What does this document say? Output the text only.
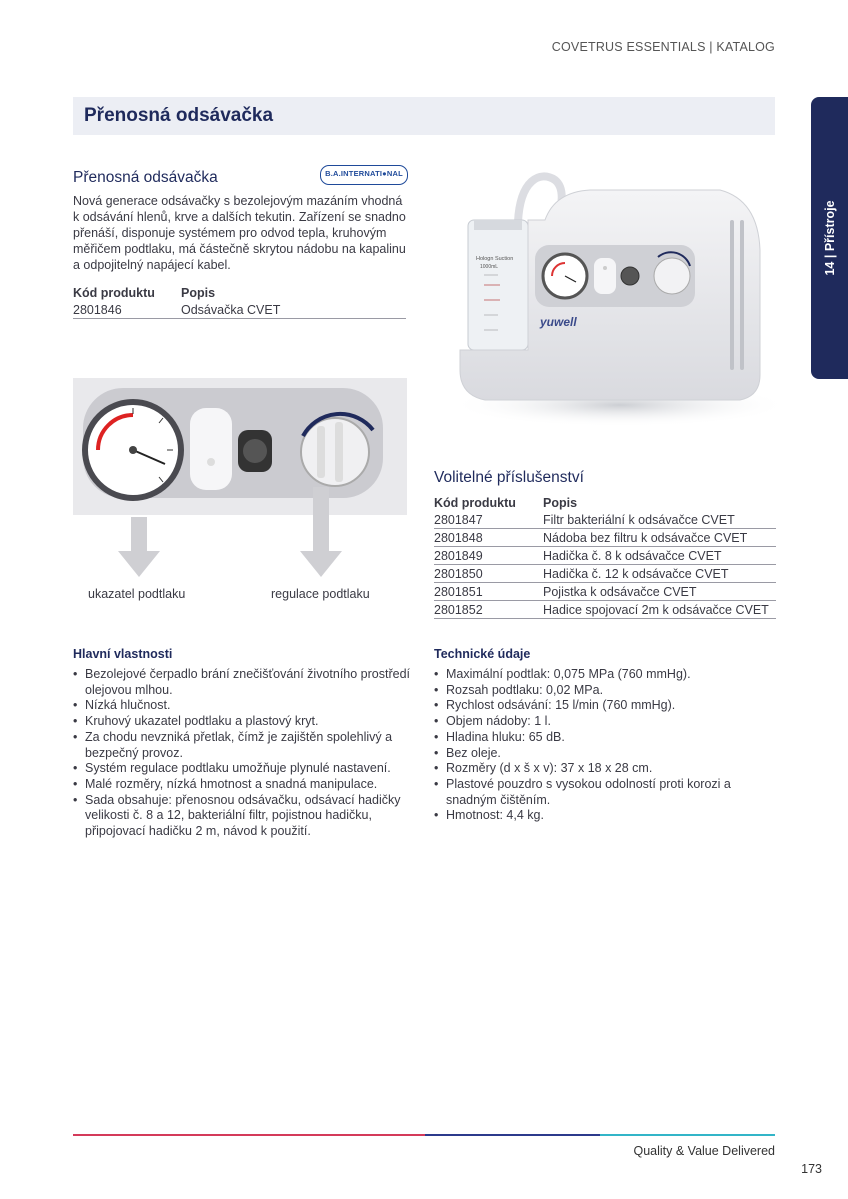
COVETRUS ESSENTIALS | KATALOG
Přenosná odsávačka
14 | Přístroje
Přenosná odsávačka	B.A.INTERNATI●NAL
Nová generace odsávačky s bezolejovým mazáním vhodná k odsávání hlenů, krve a dalších tekutin. Zařízení se snadno přenáší, disponuje systémem pro odvod tepla, kruhovým měřičem podtlaku, má částečně skrytou nádobu na kapalinu a odpojitelný napájecí kabel.
Kód produktu	Popis
2801846	Odsávačka CVET
Hologn Suction
1000mL
yuwell
ukazatel podtlaku	regulace podtlaku
Volitelné příslušenství
Kód produktu	Popis
2801847	Filtr bakteriální k odsávačce CVET
2801848	Nádoba bez filtru k odsávačce CVET
2801849	Hadička č. 8 k odsávačce CVET
2801850	Hadička č. 12 k odsávačce CVET
2801851	Pojistka k odsávačce CVET
2801852	Hadice spojovací 2m k odsávačce CVET
Hlavní vlastnosti
• Bezolejové čerpadlo brání znečišťování životního prostředí olejovou mlhou.
• Nízká hlučnost.
• Kruhový ukazatel podtlaku a plastový kryt.
• Za chodu nevzniká přetlak, čímž je zajištěn spolehlivý a bezpečný provoz.
• Systém regulace podtlaku umožňuje plynulé nastavení.
• Malé rozměry, nízká hmotnost a snadná manipulace.
• Sada obsahuje: přenosnou odsávačku, odsávací hadičky velikosti č. 8 a 12, bakteriální filtr, pojistnou hadičku, připojovací hadičku 2 m, návod k použití.
Technické údaje
• Maximální podtlak: 0,075 MPa (760 mmHg).
• Rozsah podtlaku: 0,02 MPa.
• Rychlost odsávání: 15 l/min (760 mmHg).
• Objem nádoby: 1 l.
• Hladina hluku: 65 dB.
• Bez oleje.
• Rozměry (d x š x v): 37 x 18 x 28 cm.
• Plastové pouzdro s vysokou odolností proti korozi a snadným čištěním.
• Hmotnost: 4,4 kg.
Quality & Value Delivered
173
